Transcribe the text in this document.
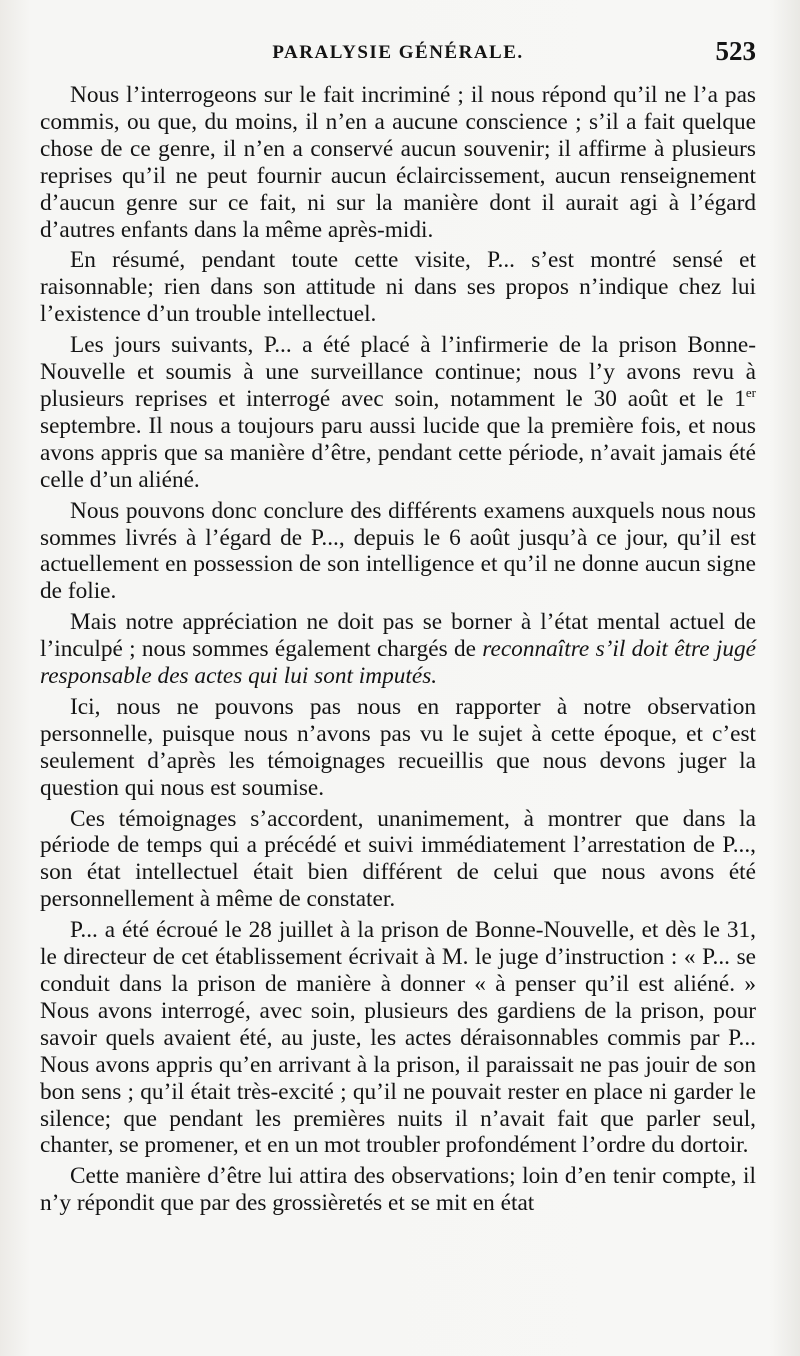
PARALYSIE GÉNÉRALE.	523

Nous l’interrogeons sur le fait incriminé ; il nous répond qu’il ne l’a pas commis, ou que, du moins, il n’en a aucune conscience ; s’il a fait quelque chose de ce genre, il n’en a conservé aucun souvenir; il affirme à plusieurs reprises qu’il ne peut fournir aucun éclaircissement, aucun renseignement d’aucun genre sur ce fait, ni sur la manière dont il aurait agi à l’égard d’autres enfants dans la même après-midi.

En résumé, pendant toute cette visite, P... s’est montré sensé et raisonnable; rien dans son attitude ni dans ses propos n’indique chez lui l’existence d’un trouble intellectuel.

Les jours suivants, P... a été placé à l’infirmerie de la prison Bonne-Nouvelle et soumis à une surveillance continue; nous l’y avons revu à plusieurs reprises et interrogé avec soin, notamment le 30 août et le 1er septembre. Il nous a toujours paru aussi lucide que la première fois, et nous avons appris que sa manière d’être, pendant cette période, n’avait jamais été celle d’un aliéné.

Nous pouvons donc conclure des différents examens auxquels nous nous sommes livrés à l’égard de P..., depuis le 6 août jusqu’à ce jour, qu’il est actuellement en possession de son intelligence et qu’il ne donne aucun signe de folie.

Mais notre appréciation ne doit pas se borner à l’état mental actuel de l’inculpé ; nous sommes également chargés de reconnaître s’il doit être jugé responsable des actes qui lui sont imputés.

Ici, nous ne pouvons pas nous en rapporter à notre observation personnelle, puisque nous n’avons pas vu le sujet à cette époque, et c’est seulement d’après les témoignages recueillis que nous devons juger la question qui nous est soumise.

Ces témoignages s’accordent, unanimement, à montrer que dans la période de temps qui a précédé et suivi immédiatement l’arrestation de P..., son état intellectuel était bien différent de celui que nous avons été personnellement à même de constater.

P... a été écroué le 28 juillet à la prison de Bonne-Nouvelle, et dès le 31, le directeur de cet établissement écrivait à M. le juge d’instruction : « P... se conduit dans la prison de manière à donner « à penser qu’il est aliéné. » Nous avons interrogé, avec soin, plusieurs des gardiens de la prison, pour savoir quels avaient été, au juste, les actes déraisonnables commis par P... Nous avons appris qu’en arrivant à la prison, il paraissait ne pas jouir de son bon sens ; qu’il était très-excité ; qu’il ne pouvait rester en place ni garder le silence; que pendant les premières nuits il n’avait fait que parler seul, chanter, se promener, et en un mot troubler profondément l’ordre du dortoir.

Cette manière d’être lui attira des observations; loin d’en tenir compte, il n’y répondit que par des grossièretés et se mit en état
